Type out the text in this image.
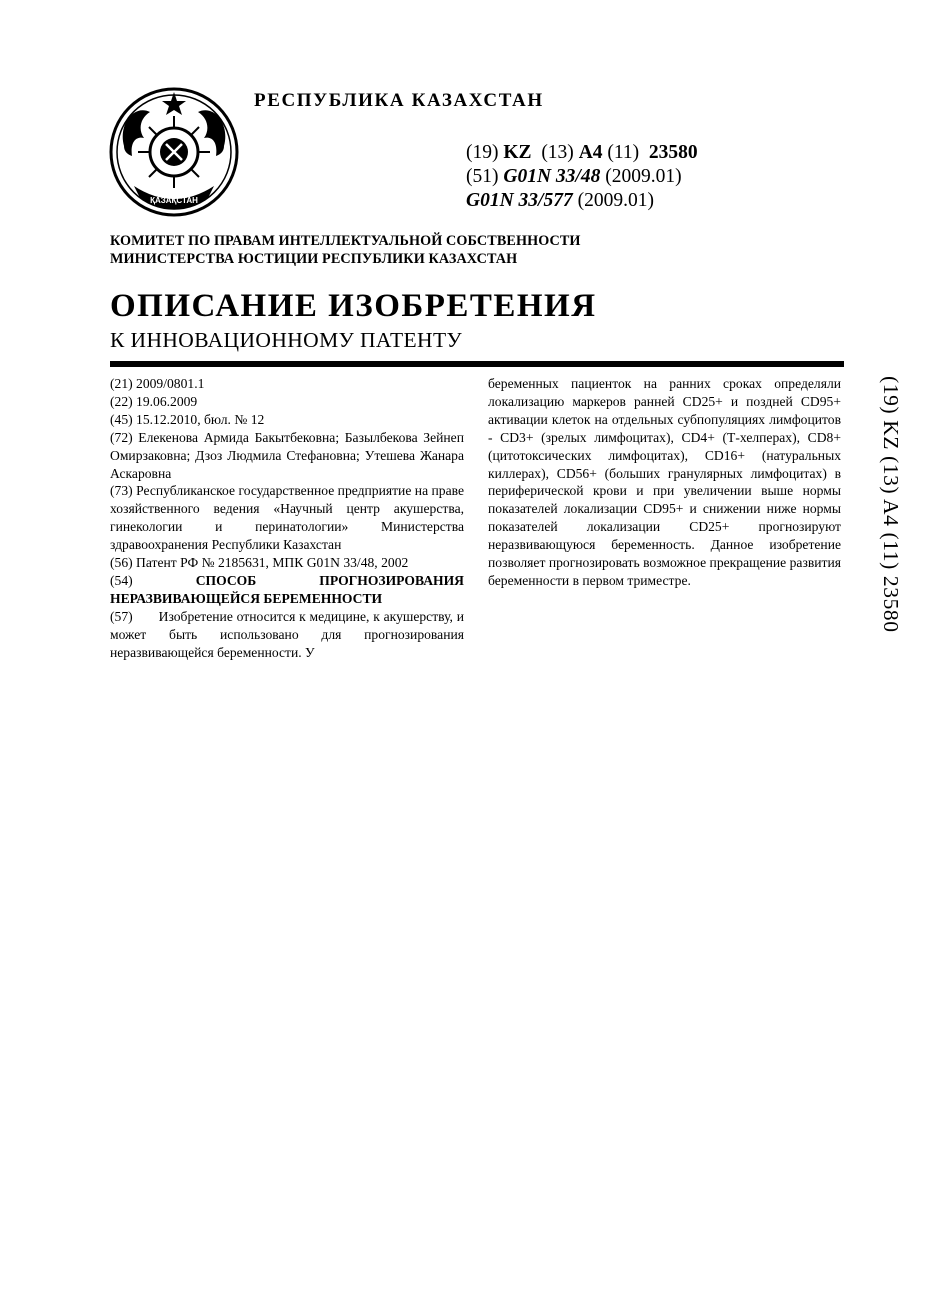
ҚАЗАҚСТАН
РЕСПУБЛИКА КАЗАХСТАН
(19) KZ (13) A4 (11) 23580
(51) G01N 33/48 (2009.01)
G01N 33/577 (2009.01)
КОМИТЕТ ПО ПРАВАМ ИНТЕЛЛЕКТУАЛЬНОЙ СОБСТВЕННОСТИ
МИНИСТЕРСТВА ЮСТИЦИИ РЕСПУБЛИКИ КАЗАХСТАН
ОПИСАНИЕ ИЗОБРЕТЕНИЯ
К ИННОВАЦИОННОМУ ПАТЕНТУ

(21) 2009/0801.1

(22) 19.06.2009

(45) 15.12.2010, бюл. № 12

(72) Елекенова Армида Бакытбековна; Базылбекова Зейнеп Омирзаковна; Дзоз Людмила Стефановна; Утешева Жанара Аскаровна

(73) Республиканское государственное предприятие на праве хозяйственного ведения «Научный центр акушерства, гинекологии и перинатологии» Министерства здравоохранения Республики Казахстан

(56) Патент РФ № 2185631, МПК G01N 33/48, 2002

(54)	СПОСОБ	ПРОГНОЗИРОВАНИЯ

НЕРАЗВИВАЮЩЕЙСЯ БЕРЕМЕННОСТИ

(57) Изобретение относится к медицине, к акушерству, и может быть использовано для прогнозирования неразвивающейся беременности. У

беременных пациенток на ранних сроках определяли локализацию маркеров ранней CD25+ и поздней CD95+ активации клеток на отдельных субпопуляциях лимфоцитов - CD3+ (зрелых лимфоцитах), CD4+ (Т-хелперах), CD8+ (цитотоксических лимфоцитах), CD16+ (натуральных киллерах), CD56+ (больших гранулярных лимфоцитах) в периферической крови и при увеличении выше нормы показателей локализации CD95+ и снижении ниже нормы показателей локализации CD25+ прогнозируют неразвивающуюся беременность. Данное изобретение позволяет прогнозировать возможное прекращение развития беременности в первом триместре.	(19) KZ (13) A4 (11) 23580
